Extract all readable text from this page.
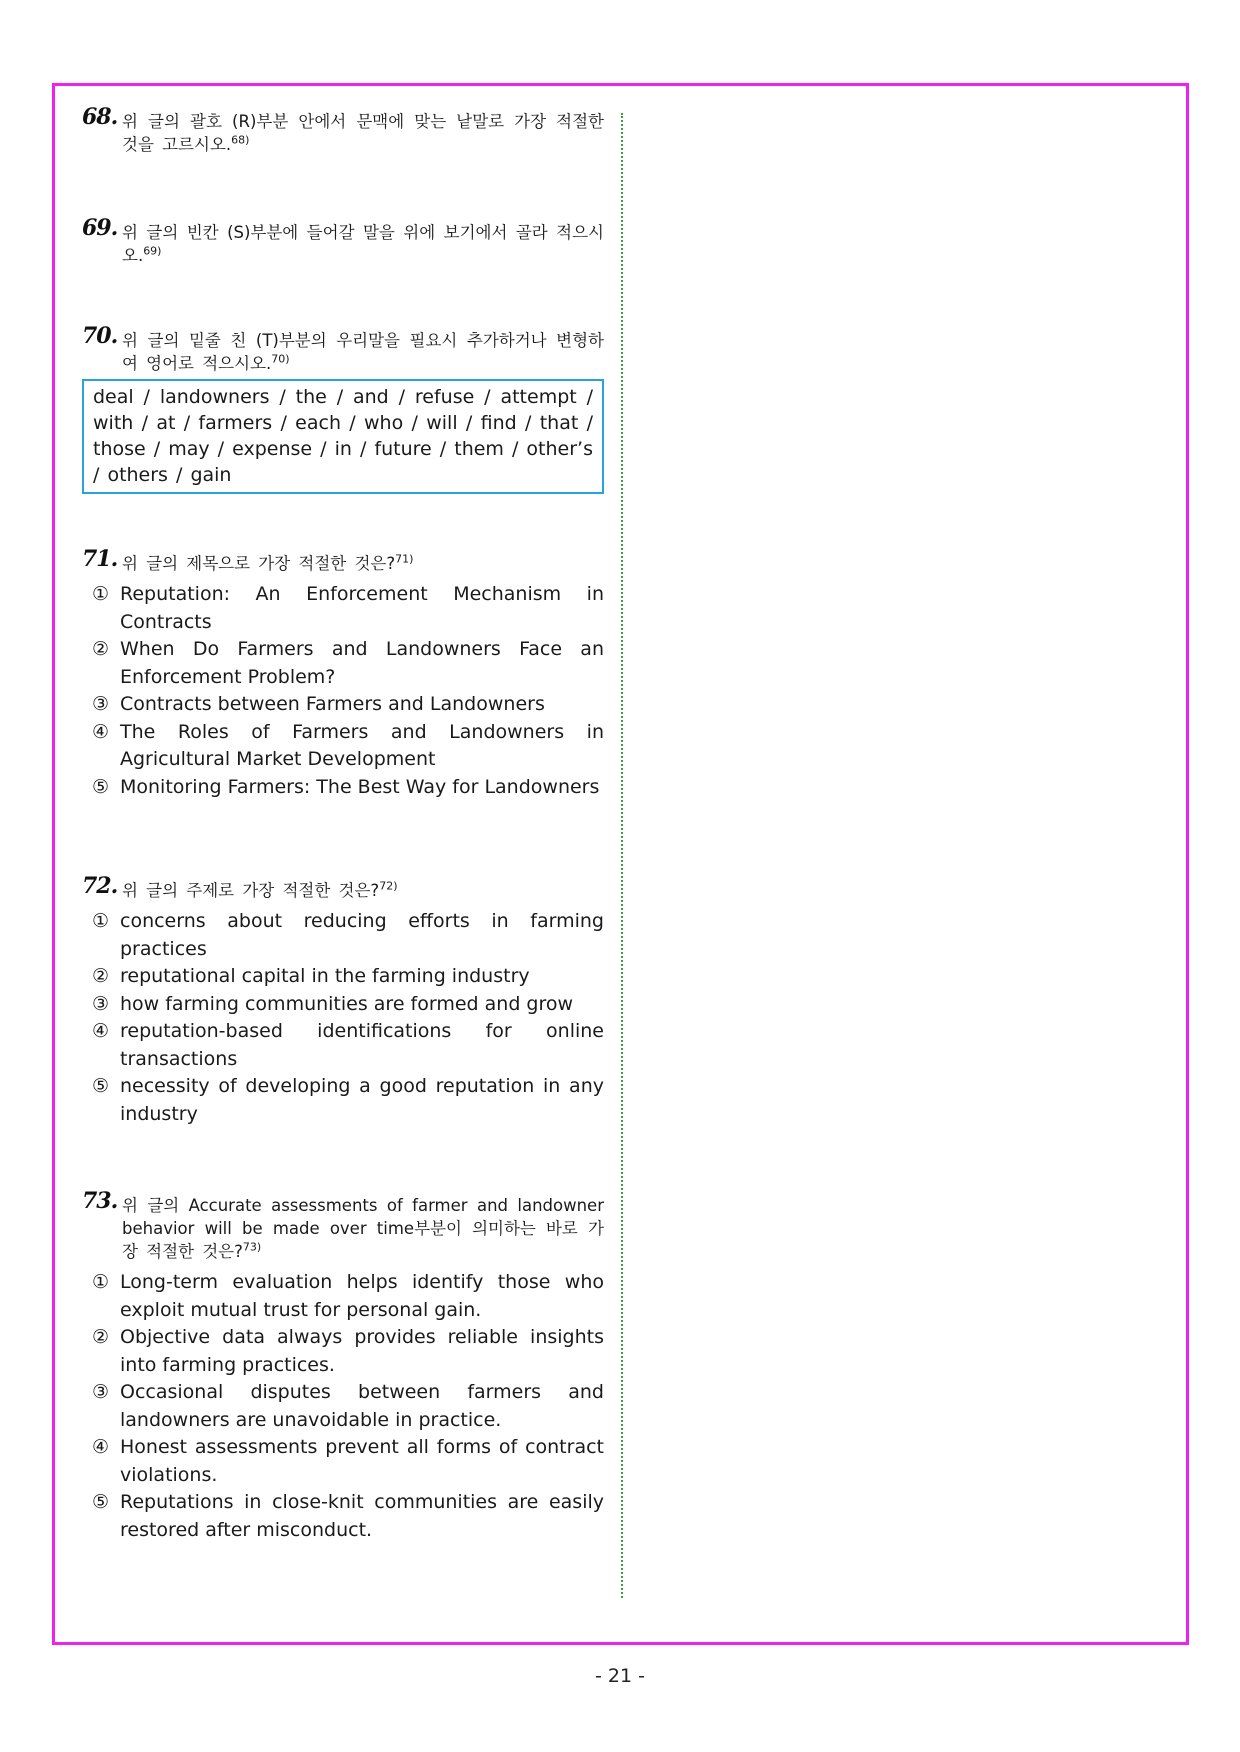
68. 위 글의 괄호 (R)부분 안에서 문맥에 맞는 낱말로 가장 적절한 것을 고르시오.$^{68)}$
69. 위 글의 빈칸 (S)부분에 들어갈 말을 위에 보기에서 골라 적으시오.$^{69)}$
70. 위 글의 밑줄 친 (T)부분의 우리말을 필요시 추가하거나 변형하여 영어로 적으시오.$^{70)}$
deal / landowners / the / and / refuse / attempt / with / at / farmers / each / who / will / find / that / those / may / expense / in / future / them / other’s / others / gain
71. 위 글의 제목으로 가장 적절한 것은?$^{71)}$
① Reputation: An Enforcement Mechanism in Contracts
② When Do Farmers and Landowners Face an Enforcement Problem?
③ Contracts between Farmers and Landowners
④ The Roles of Farmers and Landowners in Agricultural Market Development
⑤ Monitoring Farmers: The Best Way for Landowners
72. 위 글의 주제로 가장 적절한 것은?$^{72)}$
① concerns about reducing efforts in farming practices
② reputational capital in the farming industry
③ how farming communities are formed and grow
④ reputation-based identifications for online transactions
⑤ necessity of developing a good reputation in any industry
73. 위 글의 Accurate assessments of farmer and landowner behavior will be made over time부분이 의미하는 바로 가장 적절한 것은?$^{73)}$
① Long-term evaluation helps identify those who exploit mutual trust for personal gain.
② Objective data always provides reliable insights into farming practices.
③ Occasional disputes between farmers and landowners are unavoidable in practice.
④ Honest assessments prevent all forms of contract violations.
⑤ Reputations in close-knit communities are easily restored after misconduct.
- 21 -
